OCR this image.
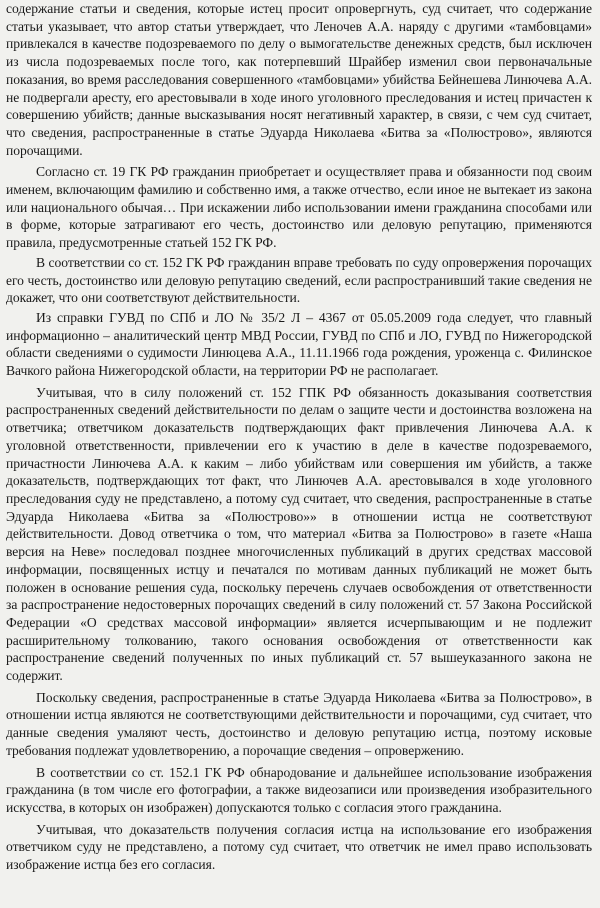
содержание статьи и сведения, которые истец просит опровергнуть, суд считает, что содержание статьи указывает, что автор статьи утверждает, что Леночев А.А. наряду с другими «тамбовцами» привлекался в качестве подозреваемого по делу о вымогательстве денежных средств, был исключен из числа подозреваемых после того, как потерпевший Шрайбер изменил свои первоначальные показания, во время расследования совершенного «тамбовцами» убийства Бейнешева Линючева А.А. не подвергали аресту, его арестовывали в ходе иного уголовного преследования и истец причастен к совершению убийств; данные высказывания носят негативный характер, в связи, с чем суд считает, что сведения, распространенные в статье Эдуарда Николаева «Битва за «Полюстрово», являются порочащими.

Согласно ст. 19 ГК РФ гражданин приобретает и осуществляет права и обязанности под своим именем, включающим фамилию и собственно имя, а также отчество, если иное не вытекает из закона или национального обычая… При искажении либо использовании имени гражданина способами или в форме, которые затрагивают его честь, достоинство или деловую репутацию, применяются правила, предусмотренные статьей 152 ГК РФ.

В соответствии со ст. 152 ГК РФ гражданин вправе требовать по суду опровержения порочащих его честь, достоинство или деловую репутацию сведений, если распространивший такие сведения не докажет, что они соответствуют действительности.

Из справки ГУВД по СПб и ЛО № 35/2 Л – 4367 от 05.05.2009 года следует, что главный информационно – аналитический центр МВД России, ГУВД по СПб и ЛО, ГУВД по Нижегородской области сведениями о судимости Линюцева А.А., 11.11.1966 года рождения, уроженца с. Филинское Вачкого района Нижегородской области, на территории РФ не располагает.

Учитывая, что в силу положений ст. 152 ГПК РФ обязанность доказывания соответствия распространенных сведений действительности по делам о защите чести и достоинства возложена на ответчика; ответчиком доказательств подтверждающих факт привлечения Линючева А.А. к уголовной ответственности, привлечении его к участию в деле в качестве подозреваемого, причастности Линючева А.А. к каким – либо убийствам или совершения им убийств, а также доказательств, подтверждающих тот факт, что Линючев А.А. арестовывался в ходе уголовного преследования суду не представлено, а потому суд считает, что сведения, распространенные в статье Эдуарда Николаева «Битва за «Полюстрово»» в отношении истца не соответствуют действительности. Довод ответчика о том, что материал «Битва за Полюстрово» в газете «Наша версия на Неве» последовал позднее многочисленных публикаций в других средствах массовой информации, посвященных истцу и печатался по мотивам данных публикаций не может быть положен в основание решения суда, поскольку перечень случаев освобождения от ответственности за распространение недостоверных порочащих сведений в силу положений ст. 57 Закона Российской Федерации «О средствах массовой информации» является исчерпывающим и не подлежит расширительному толкованию, такого основания освобождения от ответственности как распространение сведений полученных по иных публикаций ст. 57 вышеуказанного закона не содержит.

Поскольку сведения, распространенные в статье Эдуарда Николаева «Битва за Полюстрово», в отношении истца являются не соответствующими действительности и порочащими, суд считает, что данные сведения умаляют честь, достоинство и деловую репутацию истца, поэтому исковые требования подлежат удовлетворению, а порочащие сведения – опровержению.

В соответствии со ст. 152.1 ГК РФ обнародование и дальнейшее использование изображения гражданина (в том числе его фотографии, а также видеозаписи или произведения изобразительного искусства, в которых он изображен) допускаются только с согласия этого гражданина.

Учитывая, что доказательств получения согласия истца на использование его изображения ответчиком суду не представлено, а потому суд считает, что ответчик не имел право использовать изображение истца без его согласия.
